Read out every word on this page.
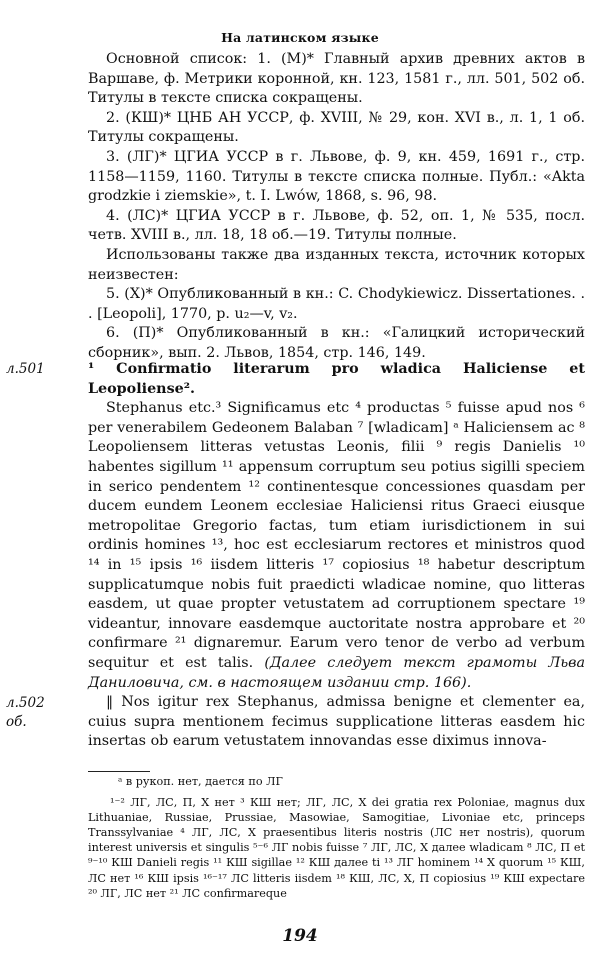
На латинском языке

Основной список: 1. (М)* Главный архив древних актов в Варшаве, ф. Метрики коронной, кн. 123, 1581 г., лл. 501, 502 об. Титулы в тексте списка сокращены.

2. (КШ)* ЦНБ АН УССР, ф. XVIII, № 29, кон. XVI в., л. 1, 1 об. Титулы сокращены.

3. (ЛГ)* ЦГИА УССР в г. Львове, ф. 9, кн. 459, 1691 г., стр. 1158—1159, 1160. Титулы в тексте списка полные. Публ.: «Akta grodzkie i ziemskie», t. I. Lwów, 1868, s. 96, 98.

4. (ЛС)* ЦГИА УССР в г. Львове, ф. 52, оп. 1, № 535, посл. четв. XVIII в., лл. 18, 18 об.—19. Титулы полные.

Использованы также два изданных текста, источник которых неизвестен:

5. (X)* Опубликованный в кн.: C. Chodykiewicz. Dissertationes. . . [Leopoli], 1770, p. u₂—v, v₂.

6. (П)* Опубликованный в кн.: «Галицкий исторический сборник», вып. 2. Львов, 1854, стр. 146, 149.

л.501	¹ Confirmatio literarum pro wladica Haliciense et Leopoliense².

Stephanus etc.³ Significamus etc ⁴ productas ⁵ fuisse apud nos ⁶ per venerabilem Gedeonem Balaban ⁷ [wladicam] ᵃ Haliciensem ac ⁸ Leopoliensem litteras vetustas Leonis, filii ⁹ regis Danielis ¹⁰ habentes sigillum ¹¹ appensum corruptum seu potius sigilli speciem in serico pendentem ¹² continentesque concessiones quasdam per ducem eundem Leonem ecclesiae Haliciensi ritus Graeci eiusque metropolitae Gregorio factas, tum etiam iurisdictionem in sui ordinis homines ¹³, hoc est ecclesiarum rectores et ministros quod ¹⁴ in ¹⁵ ipsis ¹⁶ iisdem litteris ¹⁷ copiosius ¹⁸ habetur descriptum supplicatumque nobis fuit praedicti wladicae nomine, quo litteras easdem, ut quae propter vetustatem ad corruptionem spectare ¹⁹ videantur, innovare easdemque auctoritate nostra approbare et ²⁰ confirmare ²¹ dignaremur. Earum vero tenor de verbo ad verbum sequitur et est talis. (Далее следует текст грамоты Льва Даниловича, см. в настоящем издании стр. 166).

‖ Nos igitur rex Stephanus, admissa benigne et clementer ea, cuius supra mentionem fecimus supplicatione litteras easdem hic insertas ob earum vetustatem innovandas esse diximus innova-

л.502
об.

ᵃ в рукоп. нет, дается по ЛГ

¹⁻² ЛГ, ЛС, П, X нет ³ КШ нет; ЛГ, ЛС, X dei gratia rex Poloniae, magnus dux Lithuaniae, Russiae, Prussiae, Masowiae, Samogitiae, Livoniae etc, princeps Transsylvaniae ⁴ ЛГ, ЛС, X praesentibus literis nostris (ЛС нет nostris), quorum interest universis et singulis ⁵⁻⁶ ЛГ nobis fuisse ⁷ ЛГ, ЛС, X далее wladicam ⁸ ЛС, П et ⁹⁻¹⁰ КШ Danieli regis ¹¹ КШ sigillae ¹² КШ далее ti ¹³ ЛГ hominem ¹⁴ X quorum ¹⁵ КШ, ЛС нет ¹⁶ КШ ipsis ¹⁶⁻¹⁷ ЛС litteris iisdem ¹⁸ КШ, ЛС, X, П copiosius ¹⁹ КШ expectare ²⁰ ЛГ, ЛС нет ²¹ ЛС confirmareque

194
